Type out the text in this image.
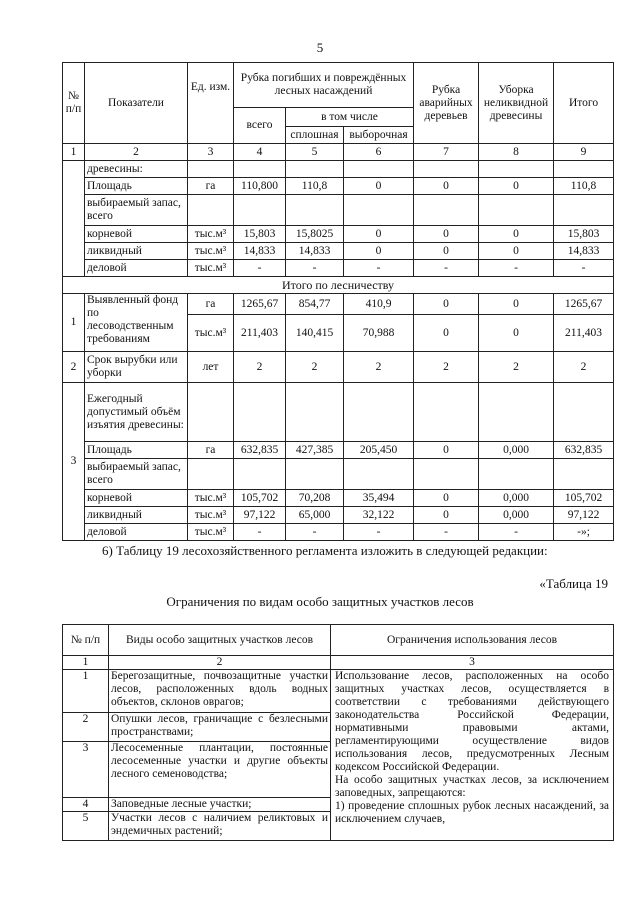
5
№ п/п	Показатели	Ед. изм.	Рубка погибших и повреждённых лесных насаждений			Рубка аварийных деревьев	Уборка неликвидной древесины	Итого
			всего	в том числе				
				сплошная	выборочная			
1	2	3	4	5	6	7	8	9
	древесины:							
	Площадь	га	110,800	110,8	0	0	0	110,8
	выбираемый запас, всего							
	корневой	тыс.м³	15,803	15,8025	0	0	0	15,803
	ликвидный	тыс.м³	14,833	14,833	0	0	0	14,833
	деловой	тыс.м³	-	-	-	-	-	-
Итого по лесничеству								
1	Выявленный фонд по лесоводственным требованиям	га	1265,67	854,77	410,9	0	0	1265,67
		тыс.м³	211,403	140,415	70,988	0	0	211,403
2	Срок вырубки или уборки	лет	2	2	2	2	2	2
3	Ежегодный допустимый объём изъятия древесины:							
	Площадь	га	632,835	427,385	205,450	0	0,000	632,835
	выбираемый запас, всего							
	корневой	тыс.м³	105,702	70,208	35,494	0	0,000	105,702
	ликвидный	тыс.м³	97,122	65,000	32,122	0	0,000	97,122
	деловой	тыс.м³	-	-	-	-	-	-»;
6) Таблицу 19 лесохозяйственного регламента изложить в следующей редакции:
«Таблица 19
Ограничения по видам особо защитных участков лесов
№ п/п	Виды особо защитных участков лесов	Ограничения использования лесов
1	2	3
1	Берегозащитные, почвозащитные участки лесов, расположенных вдоль водных объектов, склонов оврагов;	Использование лесов, расположенных на особо защитных участках лесов, осуществляется в соответствии с требованиями действующего законодательства Российской Федерации, нормативными правовыми актами, регламентирующими осуществление видов использования лесов, предусмотренных Лесным кодексом Российской Федерации.
На особо защитных участках лесов, за исключением заповедных, запрещаются:
1) проведение сплошных рубок лесных насаждений, за исключением случаев,

2	Опушки лесов, граничащие с безлесными пространствами;	
3	Лесосеменные плантации, постоянные лесосеменные участки и другие объекты лесного семеноводства;	
4	Заповедные лесные участки;	
5	Участки лесов с наличием реликтовых и эндемичных растений;	
